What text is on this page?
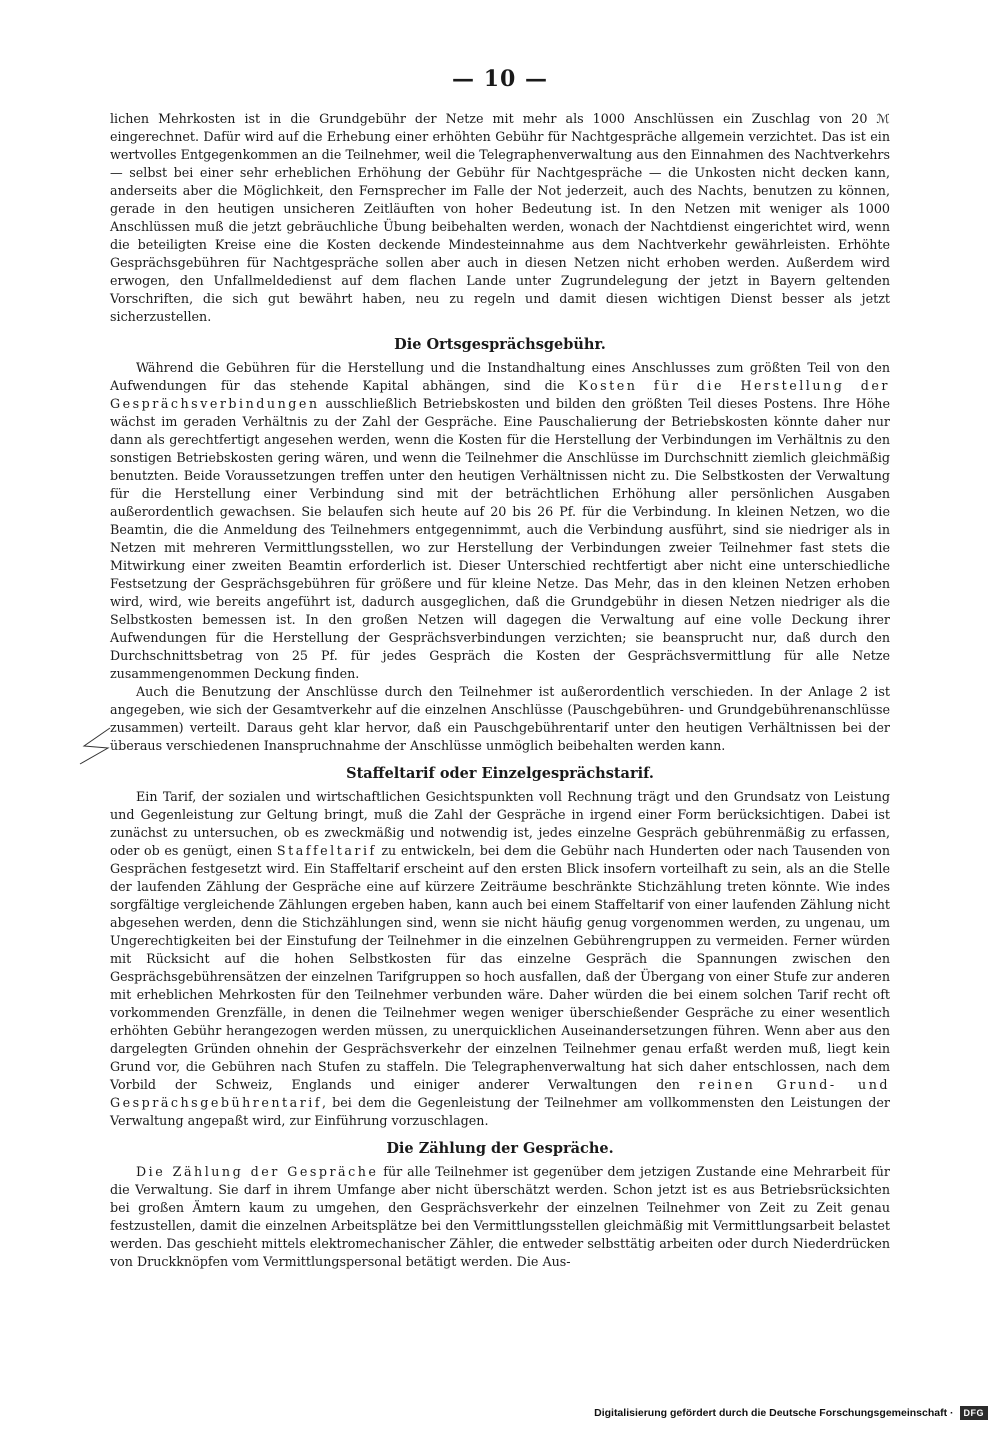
— 10 —

lichen Mehrkosten ist in die Grundgebühr der Netze mit mehr als 1000 Anschlüssen ein Zuschlag von 20 ℳ eingerechnet. Dafür wird auf die Erhebung einer erhöhten Gebühr für Nachtgespräche allgemein verzichtet. Das ist ein wertvolles Entgegenkommen an die Teilnehmer, weil die Telegraphenverwaltung aus den Einnahmen des Nachtverkehrs — selbst bei einer sehr erheblichen Erhöhung der Gebühr für Nachtgespräche — die Unkosten nicht decken kann, anderseits aber die Möglichkeit, den Fernsprecher im Falle der Not jederzeit, auch des Nachts, benutzen zu können, gerade in den heutigen unsicheren Zeitläuften von hoher Bedeutung ist. In den Netzen mit weniger als 1000 Anschlüssen muß die jetzt gebräuchliche Übung beibehalten werden, wonach der Nachtdienst eingerichtet wird, wenn die beteiligten Kreise eine die Kosten deckende Mindesteinnahme aus dem Nachtverkehr gewährleisten. Erhöhte Gesprächsgebühren für Nachtgespräche sollen aber auch in diesen Netzen nicht erhoben werden. Außerdem wird erwogen, den Unfallmeldedienst auf dem flachen Lande unter Zugrundelegung der jetzt in Bayern geltenden Vorschriften, die sich gut bewährt haben, neu zu regeln und damit diesen wichtigen Dienst besser als jetzt sicherzustellen.

Die Ortsgesprächsgebühr.

Während die Gebühren für die Herstellung und die Instandhaltung eines Anschlusses zum größten Teil von den Aufwendungen für das stehende Kapital abhängen, sind die Kosten für die Herstellung der Gesprächsverbindungen ausschließlich Betriebskosten und bilden den größten Teil dieses Postens. Ihre Höhe wächst im geraden Verhältnis zu der Zahl der Gespräche. Eine Pauschalierung der Betriebskosten könnte daher nur dann als gerechtfertigt angesehen werden, wenn die Kosten für die Herstellung der Verbindungen im Verhältnis zu den sonstigen Betriebskosten gering wären, und wenn die Teilnehmer die Anschlüsse im Durchschnitt ziemlich gleichmäßig benutzten. Beide Voraussetzungen treffen unter den heutigen Verhältnissen nicht zu. Die Selbstkosten der Verwaltung für die Herstellung einer Verbindung sind mit der beträchtlichen Erhöhung aller persönlichen Ausgaben außerordentlich gewachsen. Sie belaufen sich heute auf 20 bis 26 Pf. für die Verbindung. In kleinen Netzen, wo die Beamtin, die die Anmeldung des Teilnehmers entgegennimmt, auch die Verbindung ausführt, sind sie niedriger als in Netzen mit mehreren Vermittlungsstellen, wo zur Herstellung der Verbindungen zweier Teilnehmer fast stets die Mitwirkung einer zweiten Beamtin erforderlich ist. Dieser Unterschied rechtfertigt aber nicht eine unterschiedliche Festsetzung der Gesprächsgebühren für größere und für kleine Netze. Das Mehr, das in den kleinen Netzen erhoben wird, wird, wie bereits angeführt ist, dadurch ausgeglichen, daß die Grundgebühr in diesen Netzen niedriger als die Selbstkosten bemessen ist. In den großen Netzen will dagegen die Verwaltung auf eine volle Deckung ihrer Aufwendungen für die Herstellung der Gesprächsverbindungen verzichten; sie beansprucht nur, daß durch den Durchschnittsbetrag von 25 Pf. für jedes Gespräch die Kosten der Gesprächsvermittlung für alle Netze zusammengenommen Deckung finden.

Auch die Benutzung der Anschlüsse durch den Teilnehmer ist außerordentlich verschieden. In der Anlage 2 ist angegeben, wie sich der Gesamtverkehr auf die einzelnen Anschlüsse (Pauschgebühren- und Grundgebührenanschlüsse zusammen) verteilt. Daraus geht klar hervor, daß ein Pauschgebührentarif unter den heutigen Verhältnissen bei der überaus verschiedenen Inanspruchnahme der Anschlüsse unmöglich beibehalten werden kann.

Staffeltarif oder Einzelgesprächstarif.

Ein Tarif, der sozialen und wirtschaftlichen Gesichtspunkten voll Rechnung trägt und den Grundsatz von Leistung und Gegenleistung zur Geltung bringt, muß die Zahl der Gespräche in irgend einer Form berücksichtigen. Dabei ist zunächst zu untersuchen, ob es zweckmäßig und notwendig ist, jedes einzelne Gespräch gebührenmäßig zu erfassen, oder ob es genügt, einen Staffeltarif zu entwickeln, bei dem die Gebühr nach Hunderten oder nach Tausenden von Gesprächen festgesetzt wird. Ein Staffeltarif erscheint auf den ersten Blick insofern vorteilhaft zu sein, als an die Stelle der laufenden Zählung der Gespräche eine auf kürzere Zeiträume beschränkte Stichzählung treten könnte. Wie indes sorgfältige vergleichende Zählungen ergeben haben, kann auch bei einem Staffeltarif von einer laufenden Zählung nicht abgesehen werden, denn die Stichzählungen sind, wenn sie nicht häufig genug vorgenommen werden, zu ungenau, um Ungerechtigkeiten bei der Einstufung der Teilnehmer in die einzelnen Gebührengruppen zu vermeiden. Ferner würden mit Rücksicht auf die hohen Selbstkosten für das einzelne Gespräch die Spannungen zwischen den Gesprächsgebührensätzen der einzelnen Tarifgruppen so hoch ausfallen, daß der Übergang von einer Stufe zur anderen mit erheblichen Mehrkosten für den Teilnehmer verbunden wäre. Daher würden die bei einem solchen Tarif recht oft vorkommenden Grenzfälle, in denen die Teilnehmer wegen weniger überschießender Gespräche zu einer wesentlich erhöhten Gebühr herangezogen werden müssen, zu unerquicklichen Auseinandersetzungen führen. Wenn aber aus den dargelegten Gründen ohnehin der Gesprächsverkehr der einzelnen Teilnehmer genau erfaßt werden muß, liegt kein Grund vor, die Gebühren nach Stufen zu staffeln. Die Telegraphenverwaltung hat sich daher entschlossen, nach dem Vorbild der Schweiz, Englands und einiger anderer Verwaltungen den reinen Grund- und Gesprächsgebührentarif, bei dem die Gegenleistung der Teilnehmer am vollkommensten den Leistungen der Verwaltung angepaßt wird, zur Einführung vorzuschlagen.

Die Zählung der Gespräche.

Die Zählung der Gespräche für alle Teilnehmer ist gegenüber dem jetzigen Zustande eine Mehrarbeit für die Verwaltung. Sie darf in ihrem Umfange aber nicht überschätzt werden. Schon jetzt ist es aus Betriebsrücksichten bei großen Ämtern kaum zu umgehen, den Gesprächsverkehr der einzelnen Teilnehmer von Zeit zu Zeit genau festzustellen, damit die einzelnen Arbeitsplätze bei den Vermittlungsstellen gleichmäßig mit Vermittlungsarbeit belastet werden. Das geschieht mittels elektromechanischer Zähler, die entweder selbsttätig arbeiten oder durch Niederdrücken von Druckknöpfen vom Vermittlungspersonal betätigt werden. Die Aus-

Digitalisierung gefördert durch die Deutsche Forschungsgemeinschaft ·	DFG
